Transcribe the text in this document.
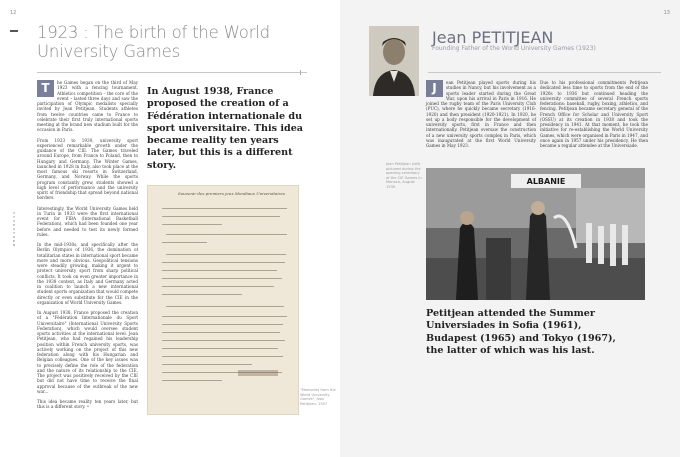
12
I
T
S
P
A
T
R
E
N
1923 : The birth of the World University Games
T	he Games began on the third of May 1923 with a fencing tournament. Athletics competition – the core of the event – lasted three days and saw the participation of Olympic medalists specially invited by Jean Petitjean. Students athletes from twelve countries came to France to celebrate their first truly international sports meeting at the brand new stadium built for the occasion in Paris.

From 1923 to 1939, university sport experienced remarkable growth under the guidance of the CIE. The Games traveled around Europe, from France to Poland, then to Hungary and Germany. The Winter Games, launched in 1928 in Italy, also took place at the most famous ski resorts in Switzerland, Germany, and Norway. While the sports program constantly grew, students showed a high level of performance and the university spirit of friendship that spread beyond national borders.

Interestingly, the World University Games held in Turin in 1933 were the first international event for FIBA (International Basketball Federation), which had been founded one year before and needed to test its newly formed rules.

In the mid-1930s, and specifically after the Berlin Olympics of 1936, the domination of totalitarian states in international sport became more and more obvious. Geopolitical tensions were steadily growing, making it urgent to protect university sport from sharp political conflicts. It took on even greater importance in the 1938 context, as Italy and Germany acted in coalition to launch a new international student sports organization that would compete directly or even substitute for the CIE in the organization of World University Games.

In August 1938, France proposed the creation of a "Fédération Internationale du Sport Universitaire" (International University Sports Federation), which would oversee student sports activities at the international level. Jean Petitjean, who had regained his leadership position within French university sports, was actively working on the project of this new federation along with his Hungarian and Belgian colleagues. One of the key issues was to precisely define the role of the federation and the nature of its relationship to the CIE. The project was positively received by the CIE but did not have time to receive the final approval because of the outbreak of the new war...

This idea became reality ten years later, but this is a different story. •

In August 1938, France proposed the creation of a Fédération internationale du sport universitaire. This idea became reality ten years later, but this is a different story.
Souvenir des premiers jeux Mondiaux Universitaires
"Memories from the World University Games", Jean Petitjean, 1957
13
Jean PETITJEAN
Founding Father of the World University Games (1923)
Jean Petitjean (left) pictured during the opening ceremony of the CIE Games in Monaco, August 1939
J	ean Petitjean played sports during his studies in Nancy, but his involvement as a sports leader started during the Great War, upon his arrival in Paris in 1916. He joined the rugby team of the Paris University Club (PUC), where he quickly became secretary (1916-1920) and then president (1920-1921). In 1920, he set up a body responsible for the development of university sports, first in France and then internationally. Petitjean oversaw the construction of a new university sports complex in Paris, which was inaugurated at the first World University Games in May 1923.
Due to his professional commitments Petitjean dedicated less time to sports from the end of the 1920s to 1936 but continued heading the university committee of several French sports federations: baseball, rugby, boxing, athletics, and fencing. Petitjean became secretary general of the French Office for Scholar and University Sport (OSSU) at its creation in 1938 and took the presidency in 1941. At that moment, he took the initiative for re-establishing the World University Games, which were organised in Paris in 1947, and once again in 1957 under his presidency. He then became a regular attendee at the Universiade.
ALBANIE
Petitjean attended the Summer Universiades in Sofia (1961), Budapest (1965) and Tokyo (1967), the latter of which was his last.
